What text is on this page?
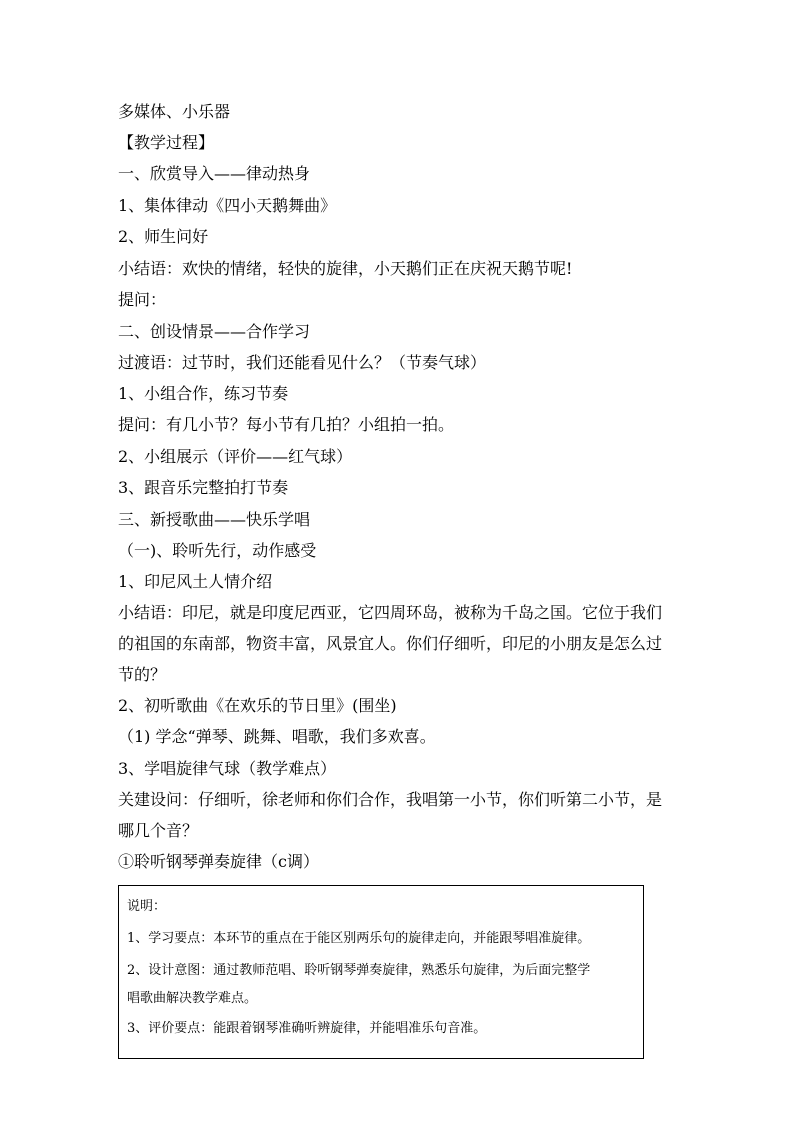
多媒体、小乐器
【教学过程】
一、欣赏导入——律动热身
1、集体律动《四小天鹅舞曲》
2、师生问好
小结语：欢快的情绪，轻快的旋律，小天鹅们正在庆祝天鹅节呢!
提问：
二、创设情景——合作学习
过渡语：过节时，我们还能看见什么？（节奏气球）
1、小组合作，练习节奏
提问：有几小节？每小节有几拍？小组拍一拍。
2、小组展示（评价——红气球）
3、跟音乐完整拍打节奏
三、新授歌曲——快乐学唱
（一)、聆听先行，动作感受
1、印尼风土人情介绍
小结语：印尼，就是印度尼西亚，它四周环岛，被称为千岛之国。它位于我们
的祖国的东南部，物资丰富，风景宜人。你们仔细听，印尼的小朋友是怎么过
节的？
2、初听歌曲《在欢乐的节日里》(围坐)
（1) 学念“弹琴、跳舞、唱歌，我们多欢喜。
3、学唱旋律气球（教学难点）
关建设问：仔细听，徐老师和你们合作，我唱第一小节，你们听第二小节，是
哪几个音？
①聆听钢琴弹奏旋律（c调）
说明：
1、学习要点：本环节的重点在于能区别两乐句的旋律走向，并能跟琴唱准旋律。
2、设计意图：通过教师范唱、聆听钢琴弹奏旋律，熟悉乐句旋律，为后面完整学
唱歌曲解决教学难点。
3、评价要点：能跟着钢琴准确听辨旋律，并能唱准乐句音准。
